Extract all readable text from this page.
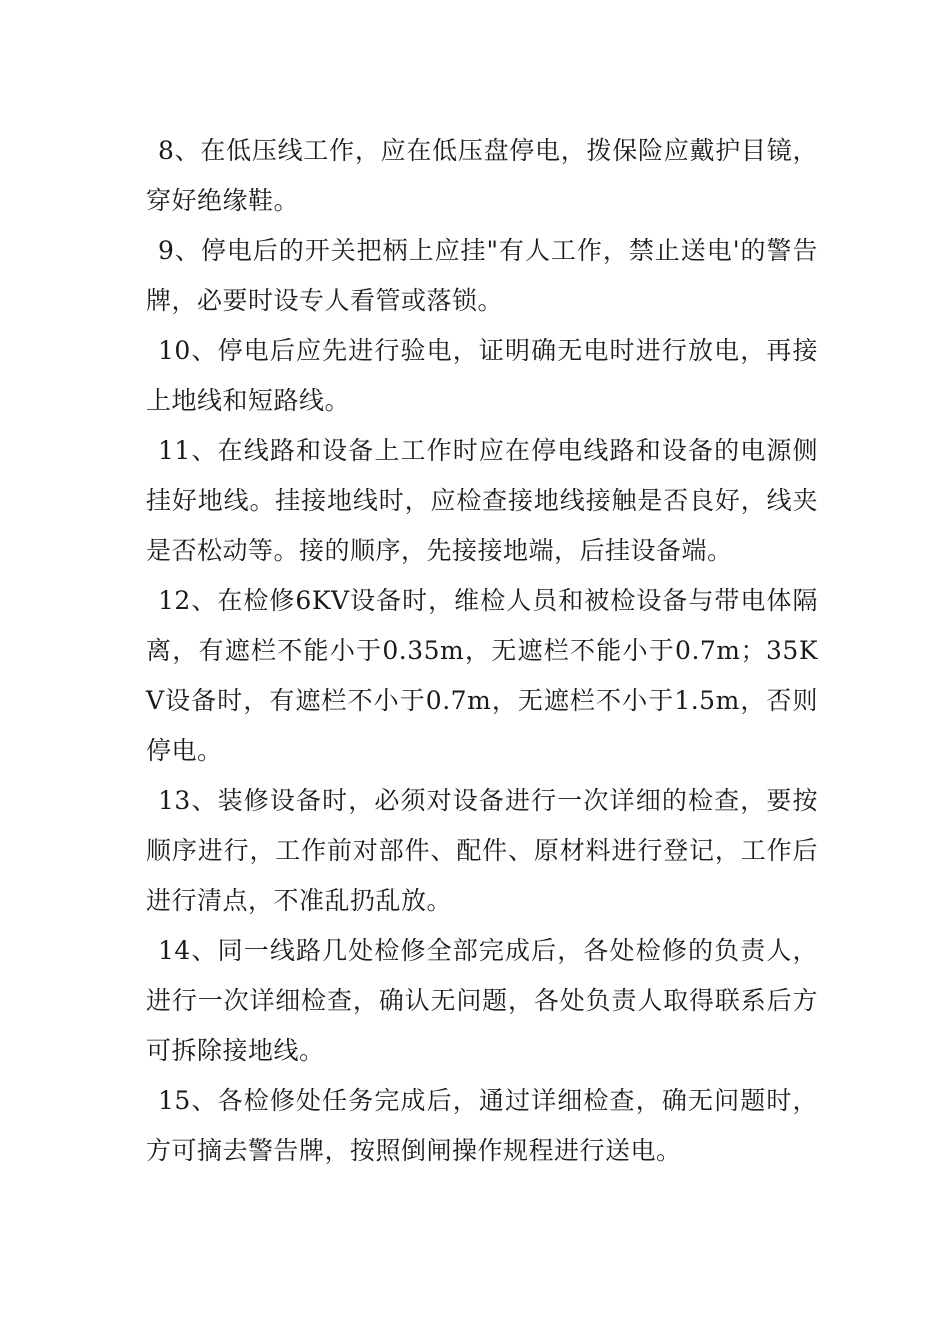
8、在低压线工作，应在低压盘停电，拨保险应戴护目镜，穿好绝缘鞋。

9、停电后的开关把柄上应挂"有人工作，禁止送电'的警告牌，必要时设专人看管或落锁。

10、停电后应先进行验电，证明确无电时进行放电，再接上地线和短路线。

11、在线路和设备上工作时应在停电线路和设备的电源侧挂好地线。挂接地线时，应检查接地线接触是否良好，线夹是否松动等。接的顺序，先接接地端，后挂设备端。

12、在检修6KV设备时，维检人员和被检设备与带电体隔离，有遮栏不能小于0.35m，无遮栏不能小于0.7m；35KV设备时，有遮栏不小于0.7m，无遮栏不小于1.5m，否则停电。

13、装修设备时，必须对设备进行一次详细的检查，要按顺序进行，工作前对部件、配件、原材料进行登记，工作后进行清点，不准乱扔乱放。

14、同一线路几处检修全部完成后，各处检修的负责人，进行一次详细检查，确认无问题，各处负责人取得联系后方可拆除接地线。

15、各检修处任务完成后，通过详细检查，确无问题时，方可摘去警告牌，按照倒闸操作规程进行送电。
